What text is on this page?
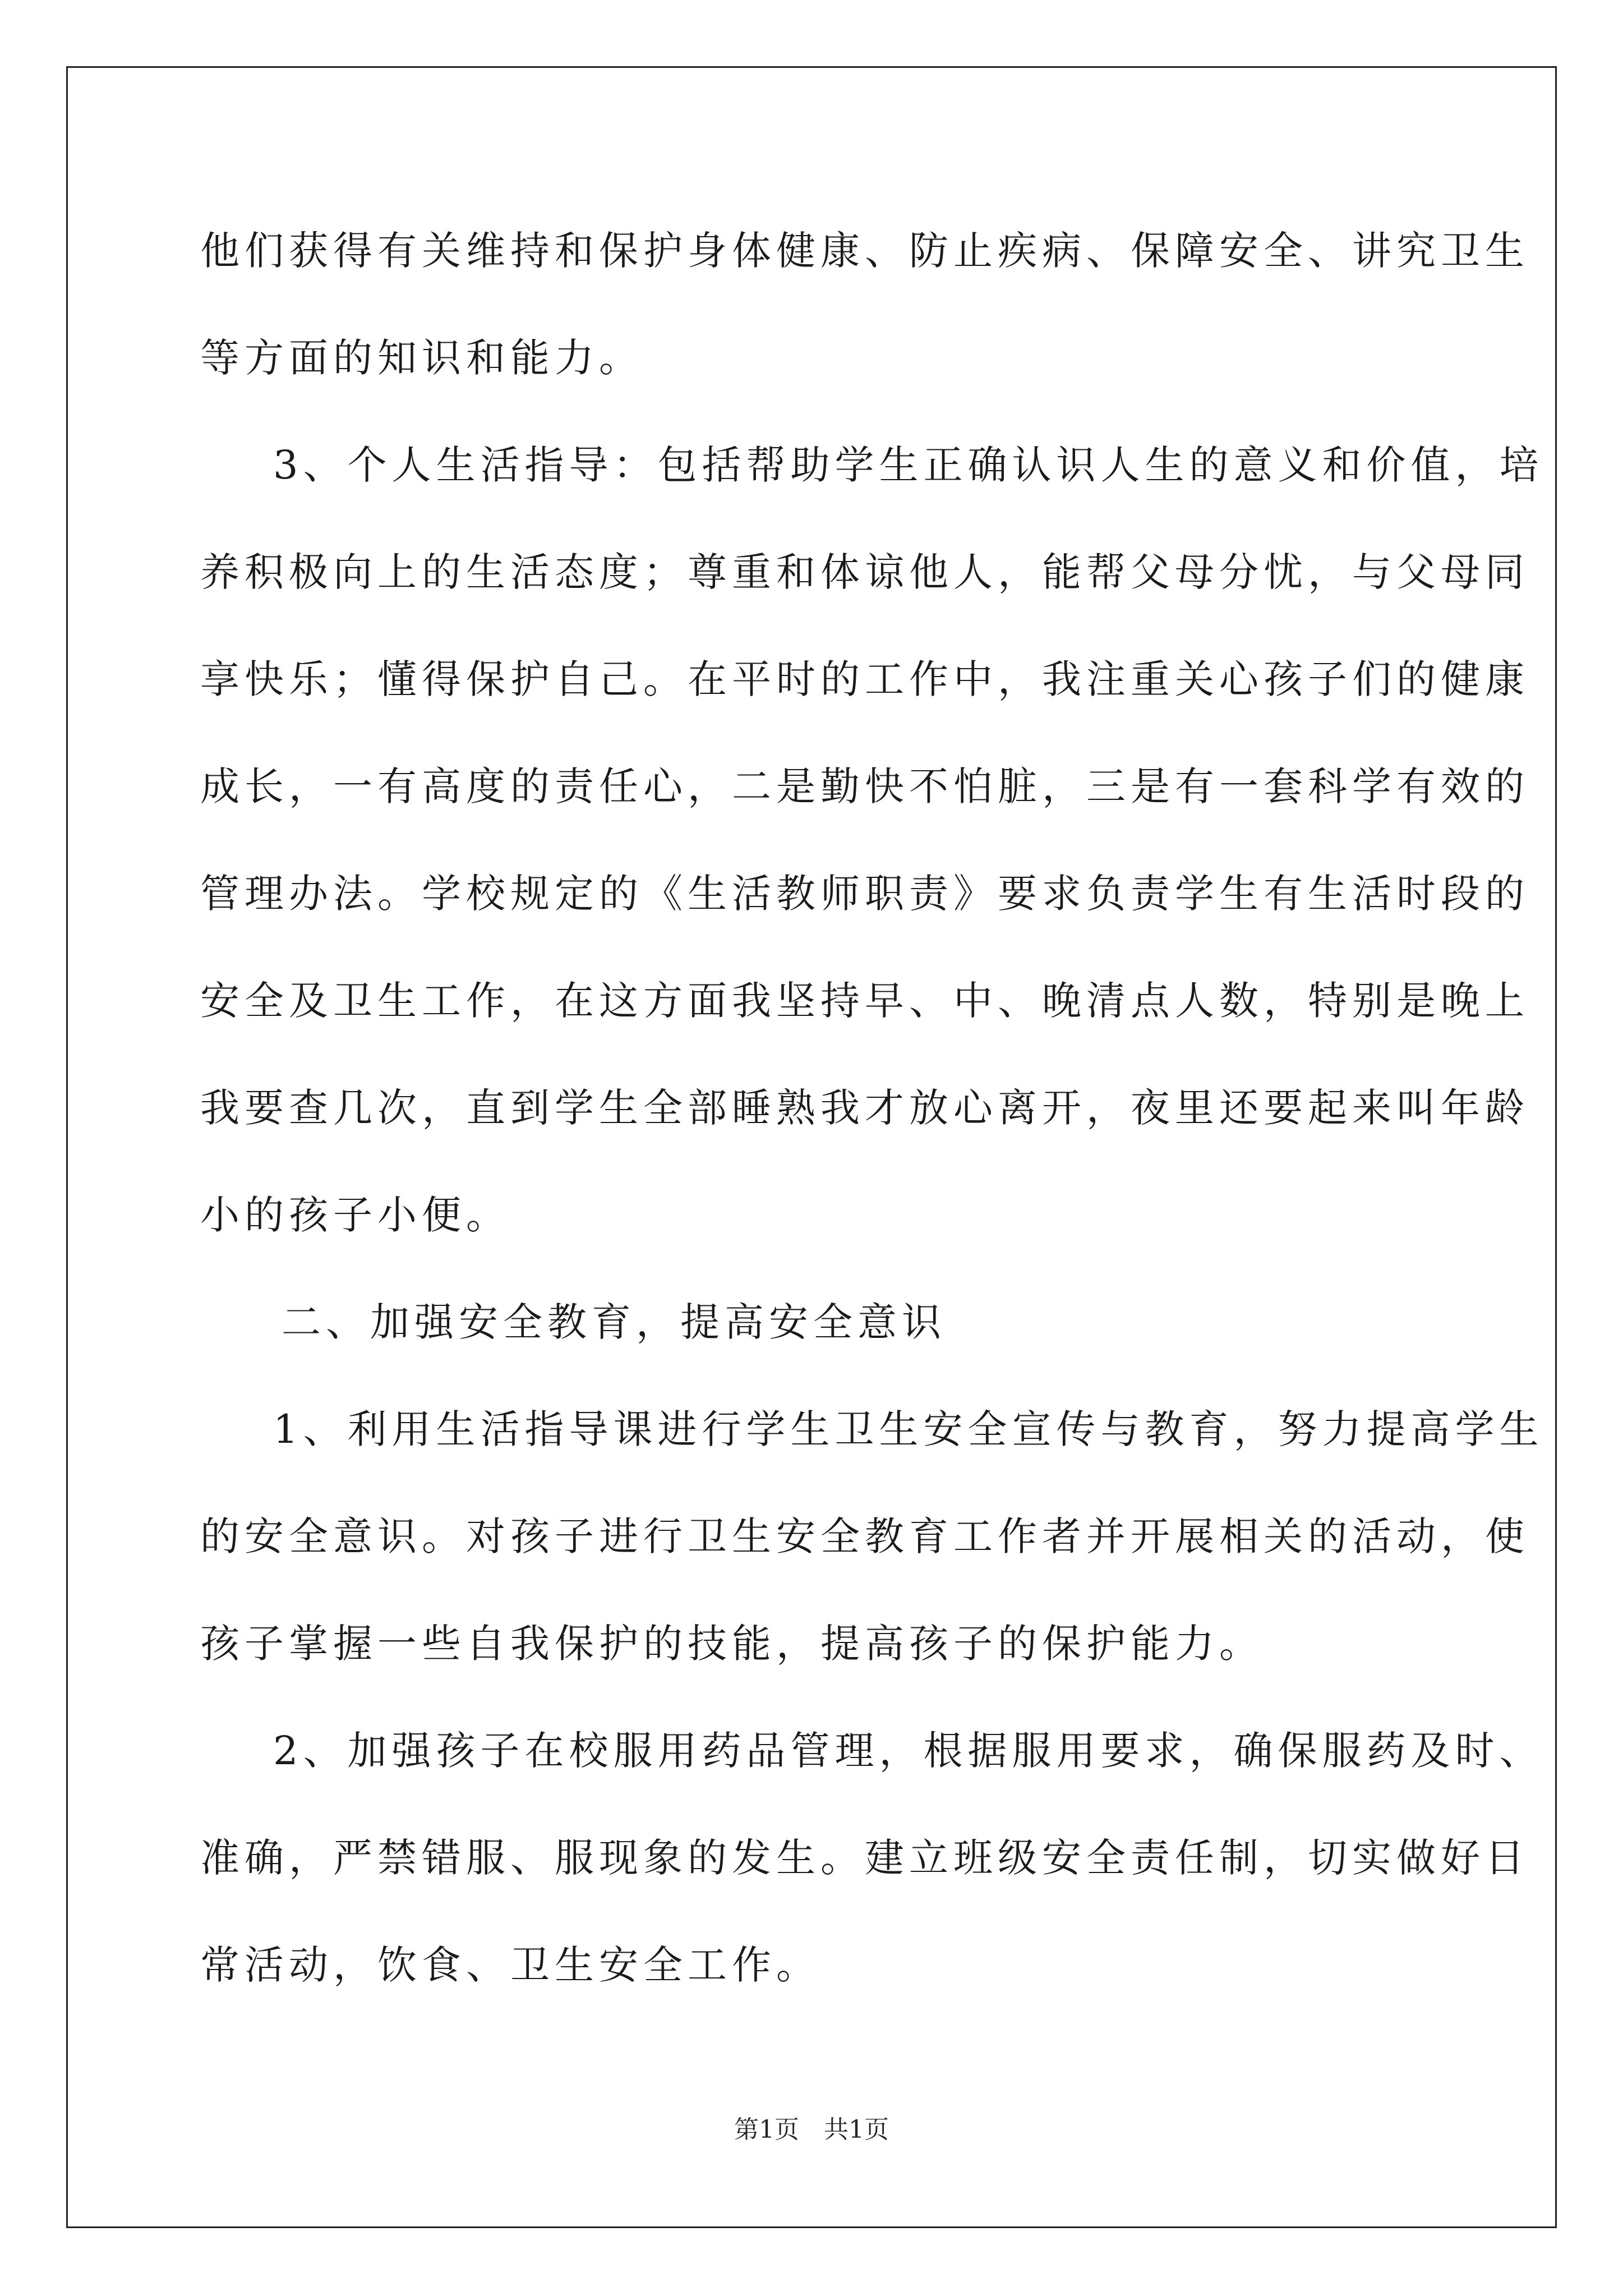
他们获得有关维持和保护身体健康、防止疾病、保障安全、讲究卫生
等方面的知识和能力。
3、个人生活指导：包括帮助学生正确认识人生的意义和价值，培
养积极向上的生活态度；尊重和体谅他人，能帮父母分忧，与父母同
享快乐；懂得保护自己。在平时的工作中，我注重关心孩子们的健康
成长，一有高度的责任心，二是勤快不怕脏，三是有一套科学有效的
管理办法。学校规定的《生活教师职责》要求负责学生有生活时段的
安全及卫生工作，在这方面我坚持早、中、晚清点人数，特别是晚上
我要查几次，直到学生全部睡熟我才放心离开，夜里还要起来叫年龄
小的孩子小便。
二、加强安全教育，提高安全意识
1、利用生活指导课进行学生卫生安全宣传与教育，努力提高学生
的安全意识。对孩子进行卫生安全教育工作者并开展相关的活动，使
孩子掌握一些自我保护的技能，提高孩子的保护能力。
2、加强孩子在校服用药品管理，根据服用要求，确保服药及时、
准确，严禁错服、服现象的发生。建立班级安全责任制，切实做好日
常活动，饮食、卫生安全工作。
第1页　共1页
